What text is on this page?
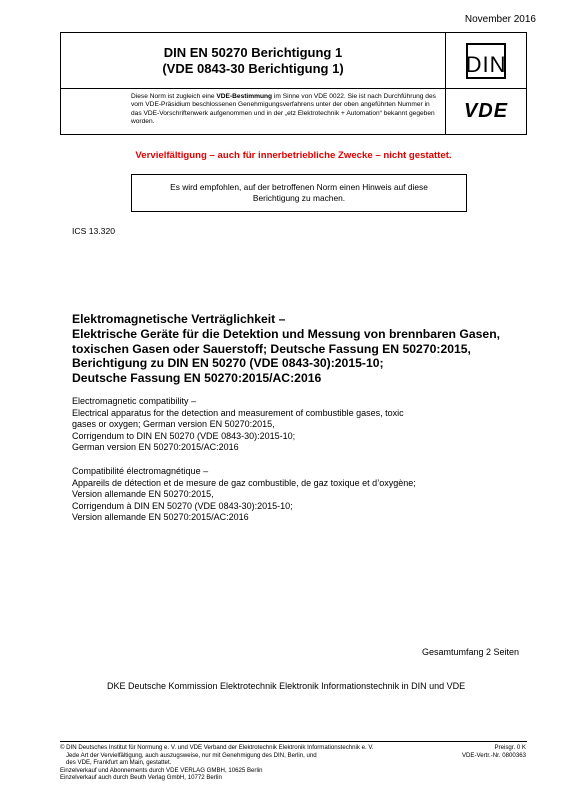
November 2016
DIN EN 50270 Berichtigung 1
(VDE 0843-30 Berichtigung 1)	DIN
Diese Norm ist zugleich eine VDE-Bestimmung im Sinne von VDE 0022. Sie ist nach Durchführung des vom VDE-Präsidium beschlossenen Genehmigungsverfahrens unter der oben angeführten Nummer in das VDE-Vorschriftenwerk aufgenommen und in der „etz Elektrotechnik + Automation“ bekannt gegeben worden.	VDE
Vervielfältigung – auch für innerbetriebliche Zwecke – nicht gestattet.
Es wird empfohlen, auf der betroffenen Norm einen Hinweis auf diese
Berichtigung zu machen.
ICS 13.320
Elektromagnetische Verträglichkeit –
Elektrische Geräte für die Detektion und Messung von brennbaren Gasen,
toxischen Gasen oder Sauerstoff; Deutsche Fassung EN 50270:2015,
Berichtigung zu DIN EN 50270 (VDE 0843-30):2015-10;
Deutsche Fassung EN 50270:2015/AC:2016
Electromagnetic compatibility –
Electrical apparatus for the detection and measurement of combustible gases, toxic
gases or oxygen; German version EN 50270:2015,
Corrigendum to DIN EN 50270 (VDE 0843-30):2015-10;
German version EN 50270:2015/AC:2016
Compatibilité électromagnétique –
Appareils de détection et de mesure de gaz combustible, de gaz toxique et d’oxygène;
Version allemande EN 50270:2015,
Corrigendum à DIN EN 50270 (VDE 0843-30):2015-10;
Version allemande EN 50270:2015/AC:2016
Gesamtumfang 2 Seiten
DKE Deutsche Kommission Elektrotechnik Elektronik Informationstechnik in DIN und VDE
© DIN Deutsches Institut für Normung e. V. und VDE Verband der Elektrotechnik Elektronik Informationstechnik e. V.
Jede Art der Vervielfältigung, auch auszugsweise, nur mit Genehmigung des DIN, Berlin, und
des VDE, Frankfurt am Main, gestattet.
Einzelverkauf und Abonnements durch VDE VERLAG GMBH, 10625 Berlin
Einzelverkauf auch durch Beuth Verlag GmbH, 10772 Berlin
Preisgr. 0 K
VDE-Vertr.-Nr. 0800363
